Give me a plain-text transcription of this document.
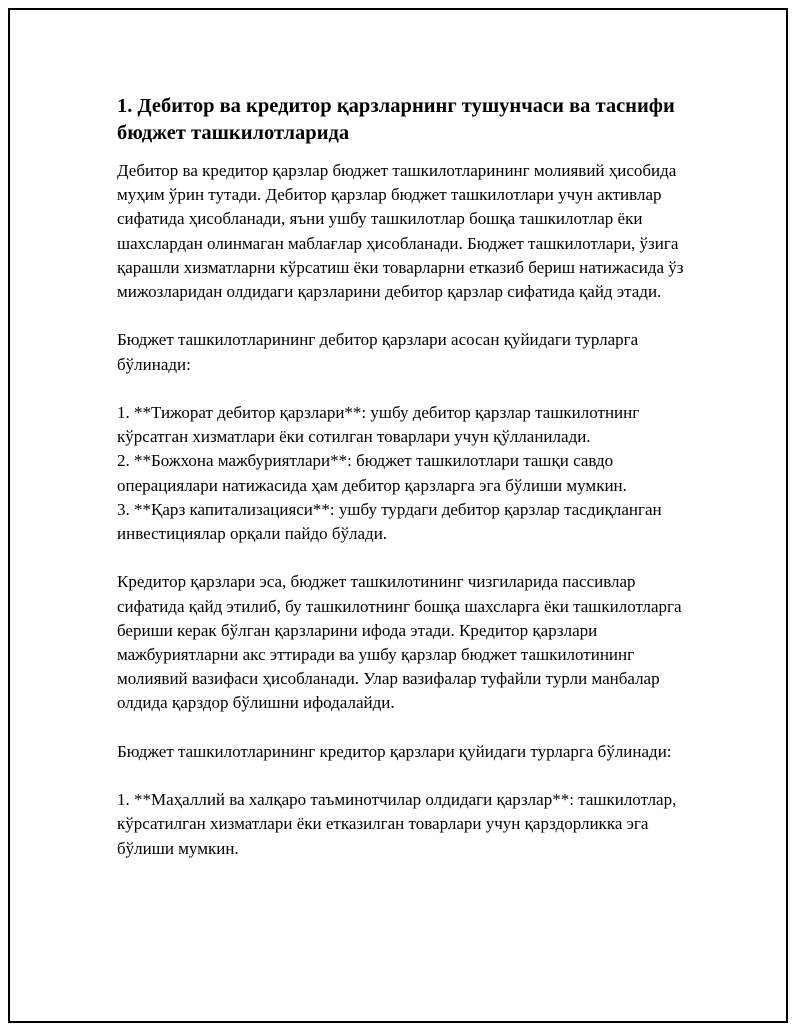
1. Дебитор ва кредитор қарзларнинг тушунчаси ва таснифи бюджет ташкилотларида

Дебитор ва кредитор қарзлар бюджет ташкилотларининг молиявий ҳисобида муҳим ўрин тутади. Дебитор қарзлар бюджет ташкилотлари учун активлар сифатида ҳисобланади, яъни ушбу ташкилотлар бошқа ташкилотлар ёки шахслардан олинмаган маблағлар ҳисобланади. Бюджет ташкилотлари, ўзига қарашли хизматларни кўрсатиш ёки товарларни етказиб бериш натижасида ўз мижозларидан олдидаги қарзларини дебитор қарзлар сифатида қайд этади.

Бюджет ташкилотларининг дебитор қарзлари асосан қуйидаги турларга бўлинади:

1. **Тижорат дебитор қарзлари**: ушбу дебитор қарзлар ташкилотнинг кўрсатган хизматлари ёки сотилган товарлари учун қўлланилади.

2. **Божхона мажбуриятлари**: бюджет ташкилотлари ташқи савдо операциялари натижасида ҳам дебитор қарзларга эга бўлиши мумкин.

3. **Қарз капитализацияси**: ушбу турдаги дебитор қарзлар тасдиқланган инвестициялар орқали пайдо бўлади.

Кредитор қарзлари эса, бюджет ташкилотининг чизгиларида пассивлар сифатида қайд этилиб, бу ташкилотнинг бошқа шахсларга ёки ташкилотларга бериши керак бўлган қарзларини ифода этади. Кредитор қарзлари мажбуриятларни акс эттиради ва ушбу қарзлар бюджет ташкилотининг молиявий вазифаси ҳисобланади. Улар вазифалар туфайли турли манбалар олдида қарздор бўлишни ифодалайди.

Бюджет ташкилотларининг кредитор қарзлари қуйидаги турларга бўлинади:

1. **Маҳаллий ва халқаро таъминотчилар олдидаги қарзлар**: ташкилотлар, кўрсатилган хизматлари ёки етказилган товарлари учун қарздорликка эга бўлиши мумкин.
